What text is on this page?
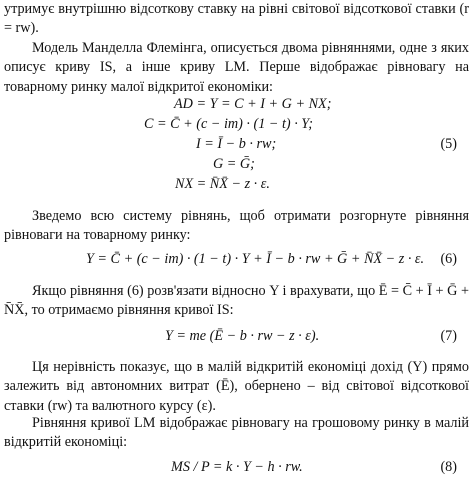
утримує внутрішню відсоткову ставку на рівні світової відсоткової ставки (r = rw).

Модель Манделла Флемінга, описується двома рівняннями, одне з яких описує криву IS, а інше криву LM. Перше відображає рівновагу на товарному ринку малої відкритої економіки:

AD = Y = C + I + G + NX;
C = C̄ + (c − im) · (1 − t) · Y;
I = Ī − b · rw;
G = Ḡ;
NX = N̄X̄ − z · ε.
(5)

Зведемо всю систему рівнянь, щоб отримати розгорнуте рівняння рівноваги на товарному ринку:

Y = C̄ + (c − im) · (1 − t) · Y + Ī − b · rw + Ḡ + N̄X̄ − z · ε. (6)

Якщо рівняння (6) розв'язати відносно Y і врахувати, що Ē = C̄ + Ī + Ḡ + N̄X̄, то отримаємо рівняння кривої IS:

Y = me (Ē − b · rw − z · ε).	(7)

Ця нерівність показує, що в малій відкритій економіці дохід (Y) прямо залежить від автономних витрат (Ē), обернено – від світової відсоткової ставки (rw) та валютного курсу (ε).

Рівняння кривої LM відображає рівновагу на грошовому ринку в малій відкритій економіці:

MS / P = k · Y − h · rw.	(8)
